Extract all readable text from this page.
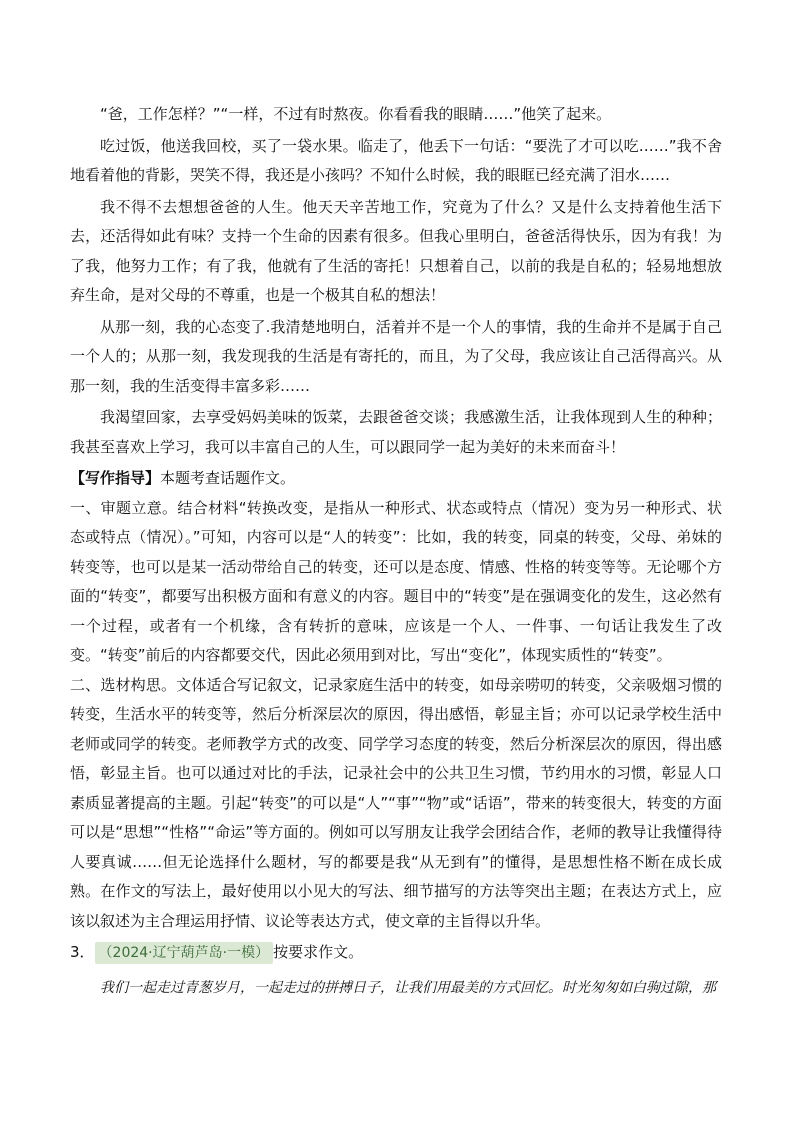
“爸，工作怎样？”“一样，不过有时熬夜。你看看我的眼睛……”他笑了起来。

吃过饭，他送我回校，买了一袋水果。临走了，他丢下一句话：“要洗了才可以吃……”我不舍地看着他的背影，哭笑不得，我还是小孩吗？不知什么时候，我的眼眶已经充满了泪水……

我不得不去想想爸爸的人生。他天天辛苦地工作，究竟为了什么？又是什么支持着他生活下去，还活得如此有味？支持一个生命的因素有很多。但我心里明白，爸爸活得快乐，因为有我！为了我，他努力工作；有了我，他就有了生活的寄托！只想着自己，以前的我是自私的；轻易地想放弃生命，是对父母的不尊重，也是一个极其自私的想法！

从那一刻，我的心态变了.我清楚地明白，活着并不是一个人的事情，我的生命并不是属于自己一个人的；从那一刻，我发现我的生活是有寄托的，而且，为了父母，我应该让自己活得高兴。从那一刻，我的生活变得丰富多彩……

我渴望回家，去享受妈妈美味的饭菜，去跟爸爸交谈；我感激生活，让我体现到人生的种种；我甚至喜欢上学习，我可以丰富自己的人生，可以跟同学一起为美好的未来而奋斗！

【写作指导】本题考查话题作文。

一、审题立意。结合材料“转换改变，是指从一种形式、状态或特点（情况）变为另一种形式、状态或特点（情况）。”可知，内容可以是“人的转变”：比如，我的转变，同桌的转变，父母、弟妹的转变等，也可以是某一活动带给自己的转变，还可以是态度、情感、性格的转变等等。无论哪个方面的“转变”，都要写出积极方面和有意义的内容。题目中的“转变”是在强调变化的发生，这必然有一个过程，或者有一个机缘，含有转折的意味，应该是一个人、一件事、一句话让我发生了改变。“转变”前后的内容都要交代，因此必须用到对比，写出“变化”，体现实质性的“转变”。

二、选材构思。文体适合写记叙文，记录家庭生活中的转变，如母亲唠叨的转变，父亲吸烟习惯的转变，生活水平的转变等，然后分析深层次的原因，得出感悟，彰显主旨；亦可以记录学校生活中老师或同学的转变。老师教学方式的改变、同学学习态度的转变，然后分析深层次的原因，得出感悟，彰显主旨。也可以通过对比的手法，记录社会中的公共卫生习惯，节约用水的习惯，彰显人口素质显著提高的主题。引起“转变”的可以是“人”“事”“物”或“话语”，带来的转变很大，转变的方面可以是“思想”“性格”“命运”等方面的。例如可以写朋友让我学会团结合作，老师的教导让我懂得待人要真诚……但无论选择什么题材，写的都要是我“从无到有”的懂得，是思想性格不断在成长成熟。在作文的写法上，最好使用以小见大的写法、细节描写的方法等突出主题；在表达方式上，应该以叙述为主合理运用抒情、议论等表达方式，使文章的主旨得以升华。

3． （2024·辽宁葫芦岛·一模） 按要求作文。

我们一起走过青葱岁月，一起走过的拼搏日子，让我们用最美的方式回忆。时光匆匆如白驹过隙，那
